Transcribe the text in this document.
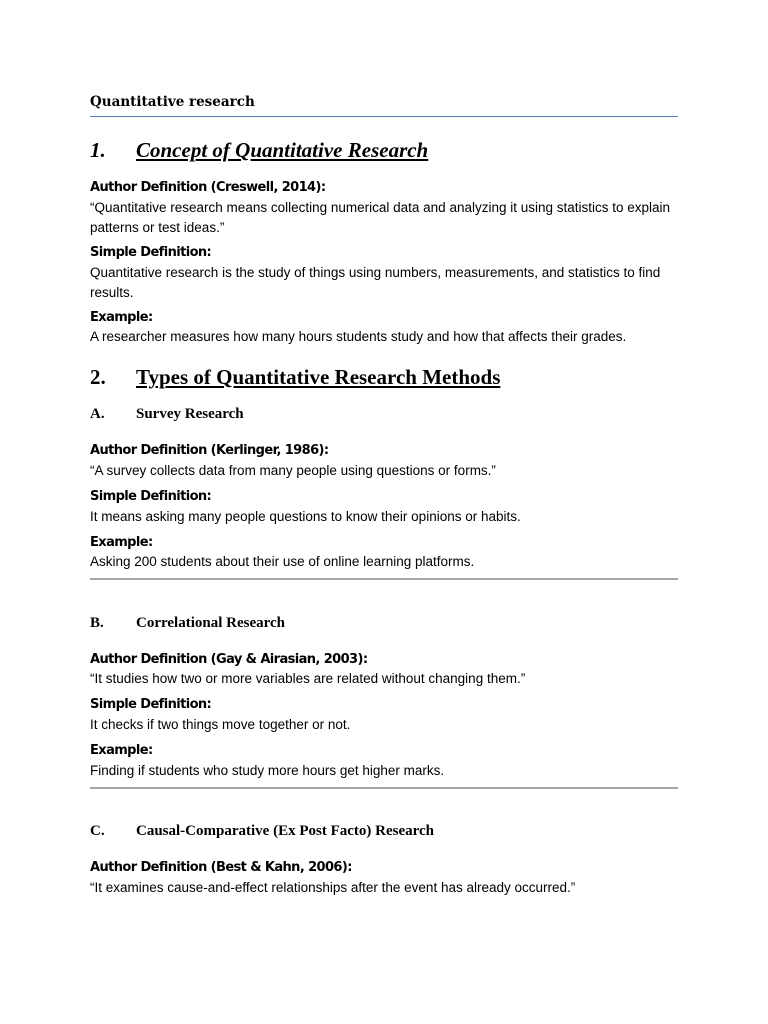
Quantitative research
1. Concept of Quantitative Research
Author Definition (Creswell, 2014):
“Quantitative research means collecting numerical data and analyzing it using statistics to explain patterns or test ideas.”
Simple Definition:
Quantitative research is the study of things using numbers, measurements, and statistics to find results.
Example:
A researcher measures how many hours students study and how that affects their grades.
2. Types of Quantitative Research Methods
A. Survey Research
Author Definition (Kerlinger, 1986):
“A survey collects data from many people using questions or forms.”
Simple Definition:
It means asking many people questions to know their opinions or habits.
Example:
Asking 200 students about their use of online learning platforms.
B. Correlational Research
Author Definition (Gay & Airasian, 2003):
“It studies how two or more variables are related without changing them.”
Simple Definition:
It checks if two things move together or not.
Example:
Finding if students who study more hours get higher marks.
C. Causal-Comparative (Ex Post Facto) Research
Author Definition (Best & Kahn, 2006):
“It examines cause-and-effect relationships after the event has already occurred.”
